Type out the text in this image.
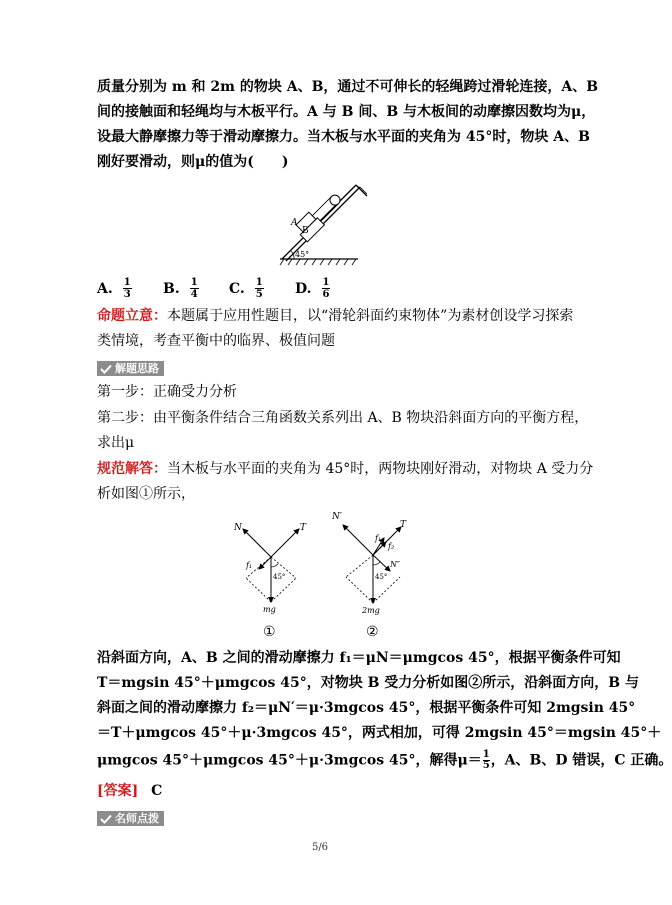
质量分别为 m 和 2m 的物块 A、B，通过不可伸长的轻绳跨过滑轮连接，A、B
间的接触面和轻绳均与木板平行。A 与 B 间、B 与木板间的动摩擦因数均为μ，
设最大静摩擦力等于滑动摩擦力。当木板与水平面的夹角为 45°时，物块 A、B
刚好要滑动，则μ的值为(　　)
A
B
45°
A. $\frac{1}{3} B$. $\frac{1}{4} C$. $\frac{1}{5} D$. $\frac{1}{6}$
命题立意：本题属于应用性题目，以“滑轮斜面约束物体”为素材创设学习探索
类情境，考查平衡中的临界、极值问题
解题思路
第一步：正确受力分析
第二步：由平衡条件结合三角函数关系列出 A、B 物块沿斜面方向的平衡方程，
求出μ
规范解答：当木板与水平面的夹角为 45°时，两物块刚好滑动，对物块 A 受力分
析如图①所示，
N	T
f₁
45°
mg
①
N′
T
f₁
f₂
N″
45°
2mg
②
沿斜面方向，A、B 之间的滑动摩擦力 f₁＝μN＝μmgcos 45°，根据平衡条件可知
T＝mgsin 45°＋μmgcos 45°，对物块 B 受力分析如图②所示，沿斜面方向，B 与
斜面之间的滑动摩擦力 f₂＝μN′＝μ·3mgcos 45°，根据平衡条件可知 2mgsin 45°
＝T＋μmgcos 45°＋μ·3mgcos 45°，两式相加，可得 2mgsin 45°＝mgsin 45°＋
μmgcos 45°＋μmgcos 45°＋μ·3mgcos 45°，解得$\mu= \frac{1}{5}$ ，A、B、D 错误，C 正确。
[答案] C
名师点拨
5/6
